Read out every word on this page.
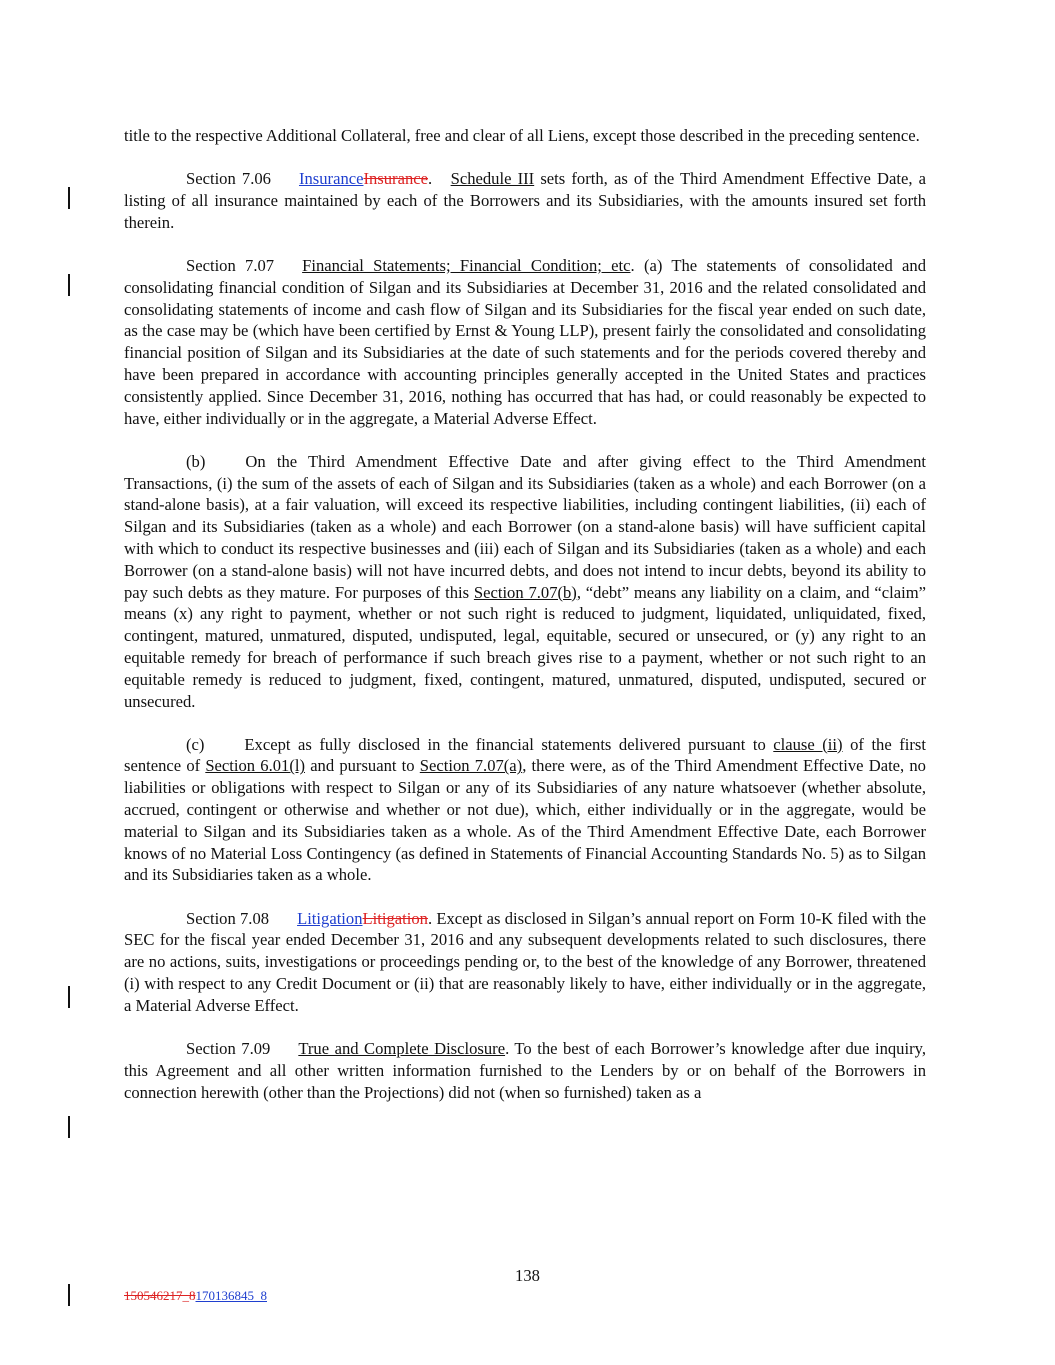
title to the respective Additional Collateral, free and clear of all Liens, except those described in the preceding sentence.

Section 7.06 InsuranceInsurance. Schedule III sets forth, as of the Third Amendment Effective Date, a listing of all insurance maintained by each of the Borrowers and its Subsidiaries, with the amounts insured set forth therein.

Section 7.07 Financial Statements; Financial Condition; etc. (a) The statements of consolidated and consolidating financial condition of Silgan and its Subsidiaries at December 31, 2016 and the related consolidated and consolidating statements of income and cash flow of Silgan and its Subsidiaries for the fiscal year ended on such date, as the case may be (which have been certified by Ernst & Young LLP), present fairly the consolidated and consolidating financial position of Silgan and its Subsidiaries at the date of such statements and for the periods covered thereby and have been prepared in accordance with accounting principles generally accepted in the United States and practices consistently applied. Since December 31, 2016, nothing has occurred that has had, or could reasonably be expected to have, either individually or in the aggregate, a Material Adverse Effect.

(b) On the Third Amendment Effective Date and after giving effect to the Third Amendment Transactions, (i) the sum of the assets of each of Silgan and its Subsidiaries (taken as a whole) and each Borrower (on a stand-alone basis), at a fair valuation, will exceed its respective liabilities, including contingent liabilities, (ii) each of Silgan and its Subsidiaries (taken as a whole) and each Borrower (on a stand-alone basis) will have sufficient capital with which to conduct its respective businesses and (iii) each of Silgan and its Subsidiaries (taken as a whole) and each Borrower (on a stand-alone basis) will not have incurred debts, and does not intend to incur debts, beyond its ability to pay such debts as they mature. For purposes of this Section 7.07(b), “debt” means any liability on a claim, and “claim” means (x) any right to payment, whether or not such right is reduced to judgment, liquidated, unliquidated, fixed, contingent, matured, unmatured, disputed, undisputed, legal, equitable, secured or unsecured, or (y) any right to an equitable remedy for breach of performance if such breach gives rise to a payment, whether or not such right to an equitable remedy is reduced to judgment, fixed, contingent, matured, unmatured, disputed, undisputed, secured or unsecured.

(c) Except as fully disclosed in the financial statements delivered pursuant to clause (ii) of the first sentence of Section 6.01(l) and pursuant to Section 7.07(a), there were, as of the Third Amendment Effective Date, no liabilities or obligations with respect to Silgan or any of its Subsidiaries of any nature whatsoever (whether absolute, accrued, contingent or otherwise and whether or not due), which, either individually or in the aggregate, would be material to Silgan and its Subsidiaries taken as a whole. As of the Third Amendment Effective Date, each Borrower knows of no Material Loss Contingency (as defined in Statements of Financial Accounting Standards No. 5) as to Silgan and its Subsidiaries taken as a whole.

Section 7.08 LitigationLitigation. Except as disclosed in Silgan’s annual report on Form 10-K filed with the SEC for the fiscal year ended December 31, 2016 and any subsequent developments related to such disclosures, there are no actions, suits, investigations or proceedings pending or, to the best of the knowledge of any Borrower, threatened (i) with respect to any Credit Document or (ii) that are reasonably likely to have, either individually or in the aggregate, a Material Adverse Effect.

Section 7.09 True and Complete Disclosure. To the best of each Borrower’s knowledge after due inquiry, this Agreement and all other written information furnished to the Lenders by or on behalf of the Borrowers in connection herewith (other than the Projections) did not (when so furnished) taken as a

138
150546217_8170136845_8
